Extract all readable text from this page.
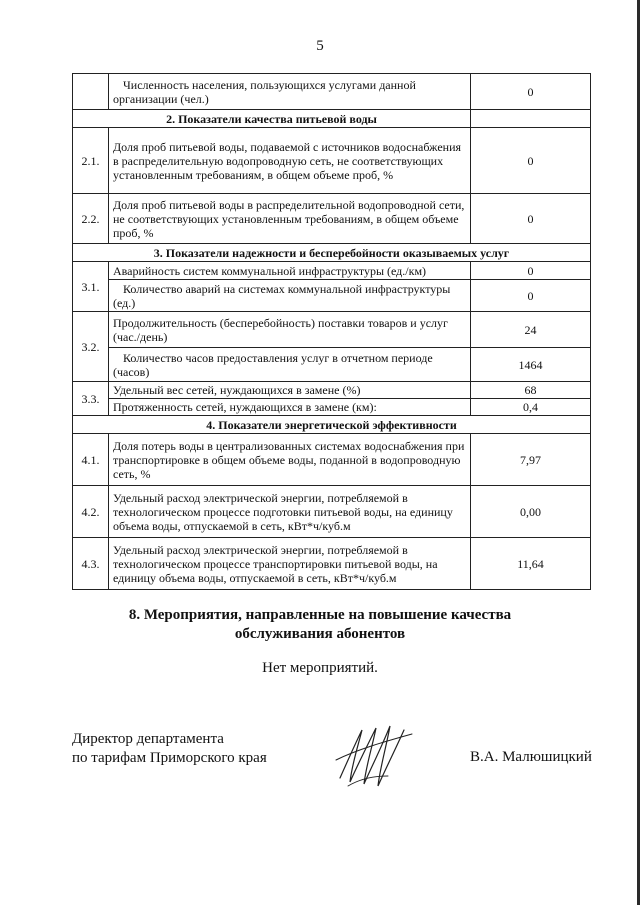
5
	Численность населения, пользующихся услугами данной организации (чел.)	0
2. Показатели качества питьевой воды		
2.1.	Доля проб питьевой воды, подаваемой с источников водоснабжения в распределительную водопроводную сеть, не соответствующих установленным требованиям, в общем объеме проб, %	0
2.2.	Доля проб питьевой воды в распределительной водопроводной сети, не соответствующих установленным требованиям, в общем объеме проб, %	0
3. Показатели надежности и бесперебойности оказываемых услуг		
3.1.	Аварийность систем коммунальной инфраструктуры (ед./км)	0
	Количество аварий на системах коммунальной инфраструктуры (ед.)	0
3.2.	Продолжительность (бесперебойность) поставки товаров и услуг (час./день)	24
	Количество часов предоставления услуг в отчетном периоде (часов)	1464
3.3.	Удельный вес сетей, нуждающихся в замене (%)	68
	Протяженность сетей, нуждающихся в замене (км):	0,4
4. Показатели энергетической эффективности		
4.1.	Доля потерь воды в централизованных системах водоснабжения при транспортировке в общем объеме воды, поданной в водопроводную сеть, %	7,97
4.2.	Удельный расход электрической энергии, потребляемой в технологическом процессе подготовки питьевой воды, на единицу объема воды, отпускаемой в сеть, кВт*ч/куб.м	0,00
4.3.	Удельный расход электрической энергии, потребляемой в технологическом процессе транспортировки питьевой воды, на единицу объема воды, отпускаемой в сеть, кВт*ч/куб.м	11,64
8. Мероприятия, направленные на повышение качества
обслуживания абонентов
Нет мероприятий.
Директор департамента
по тарифам Приморского края	В.А. Малюшицкий
